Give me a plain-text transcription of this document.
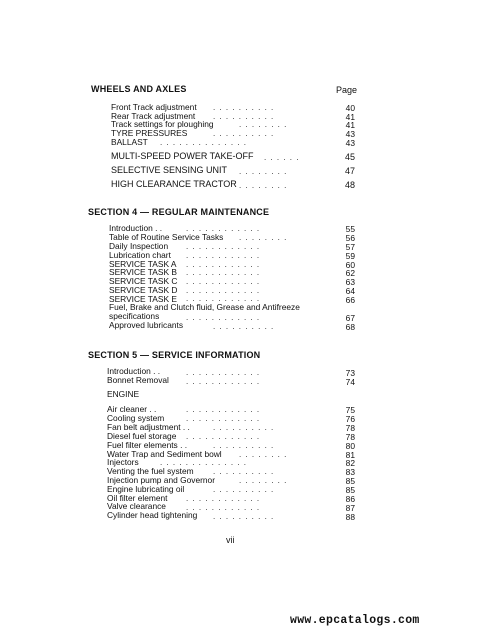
WHEELS AND AXLES	Page
Front Track adjustment . . . . . . . . . .	40
Rear Track adjustment . . . . . . . . . .	41
Track settings for ploughing	. . . . . . . .	41
TYRE PRESSURES	. . . . . . . . . .	43
BALLAST . . . . . . . . . . . . . .	43
MULTI-SPEED POWER TAKE-OFF . . . . . .	45
SELECTIVE SENSING UNIT . . . . . . . .	47
HIGH CLEARANCE TRACTOR . . . . . . . .	48
SECTION 4 — REGULAR MAINTENANCE
Introduction . .	. . . . . . . . . . . .	55
Table of Routine Service Tasks . . . . . . . .	56
Daily Inspection . . . . . . . . . . . .	57
Lubrication chart . . . . . . . . . . . .	59
SERVICE TASK A . . . . . . . . . . . .	60
SERVICE TASK B . . . . . . . . . . . .	62
SERVICE TASK C . . . . . . . . . . . .	63
SERVICE TASK D . . . . . . . . . . . .	64
SERVICE TASK E . . . . . . . . . . . .	66
Fuel, Brake and Clutch fluid, Grease and Antifreeze
specifications	. . . . . . . . . . . .	67
Approved lubricants	. . . . . . . . . .	68
SECTION 5 — SERVICE INFORMATION
Introduction . .	. . . . . . . . . . . .	73
Bonnet Removal . . . . . . . . . . . .	74
ENGINE
Air cleaner . .	. . . . . . . . . . . .	75
Cooling system	. . . . . . . . . . . .	76
Fan belt adjustment . .	. . . . . . . . . .	78
Diesel fuel storage . . . . . . . . . . . .	78
Fuel filter elements . .	. . . . . . . . . .	80
Water Trap and Sediment bowl . . . . . . . .	81
Injectors	. . . . . . . . . . . . . .	82
Venting the fuel system . . . . . . . . . .	83
Injection pump and Governor	. . . . . . . .	85
Engine lubricating oil	. . . . . . . . . .	85
Oil filter element . . . . . . . . . . . .	86
Valve clearance	. . . . . . . . . . . .	87
Cylinder head tightening . . . . . . . . . .	88
vii
www.epcatalogs.com
